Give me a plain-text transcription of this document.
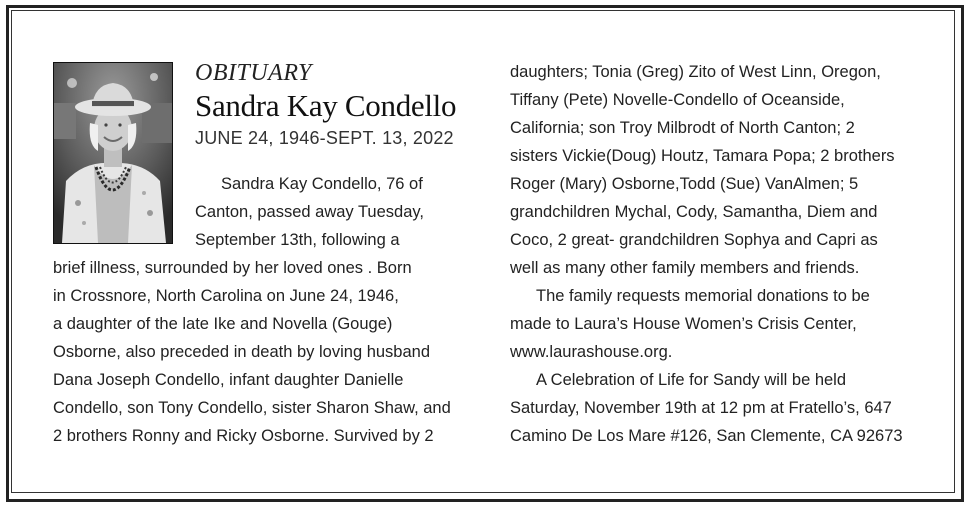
OBITUARY
Sandra Kay Condello
JUNE 24, 1946-SEPT. 13, 2022
Sandra Kay Condello, 76 of
Canton, passed away Tuesday,
September 13th, following a
brief illness, surrounded by her loved ones . Born
in Crossnore, North Carolina on June 24, 1946,
a daughter of the late Ike and Novella (Gouge)
Osborne, also preceded in death by loving husband
Dana Joseph Condello, infant daughter Danielle
Condello, son Tony Condello, sister Sharon Shaw, and
2 brothers Ronny and Ricky Osborne. Survived by 2
daughters; Tonia (Greg) Zito of West Linn, Oregon,
Tiffany (Pete) Novelle-Condello of Oceanside,
California; son Troy Milbrodt of North Canton; 2
sisters Vickie(Doug) Houtz, Tamara Popa; 2 brothers
Roger (Mary) Osborne,Todd (Sue) VanAlmen; 5
grandchildren Mychal, Cody, Samantha, Diem and
Coco, 2 great- grandchildren Sophya and Capri as
well as many other family members and friends.
The family requests memorial donations to be
made to Laura’s House Women’s Crisis Center,
www.laurashouse.org.
A Celebration of Life for Sandy will be held
Saturday, November 19th at 12 pm at Fratello’s, 647
Camino De Los Mare #126, San Clemente, CA 92673
